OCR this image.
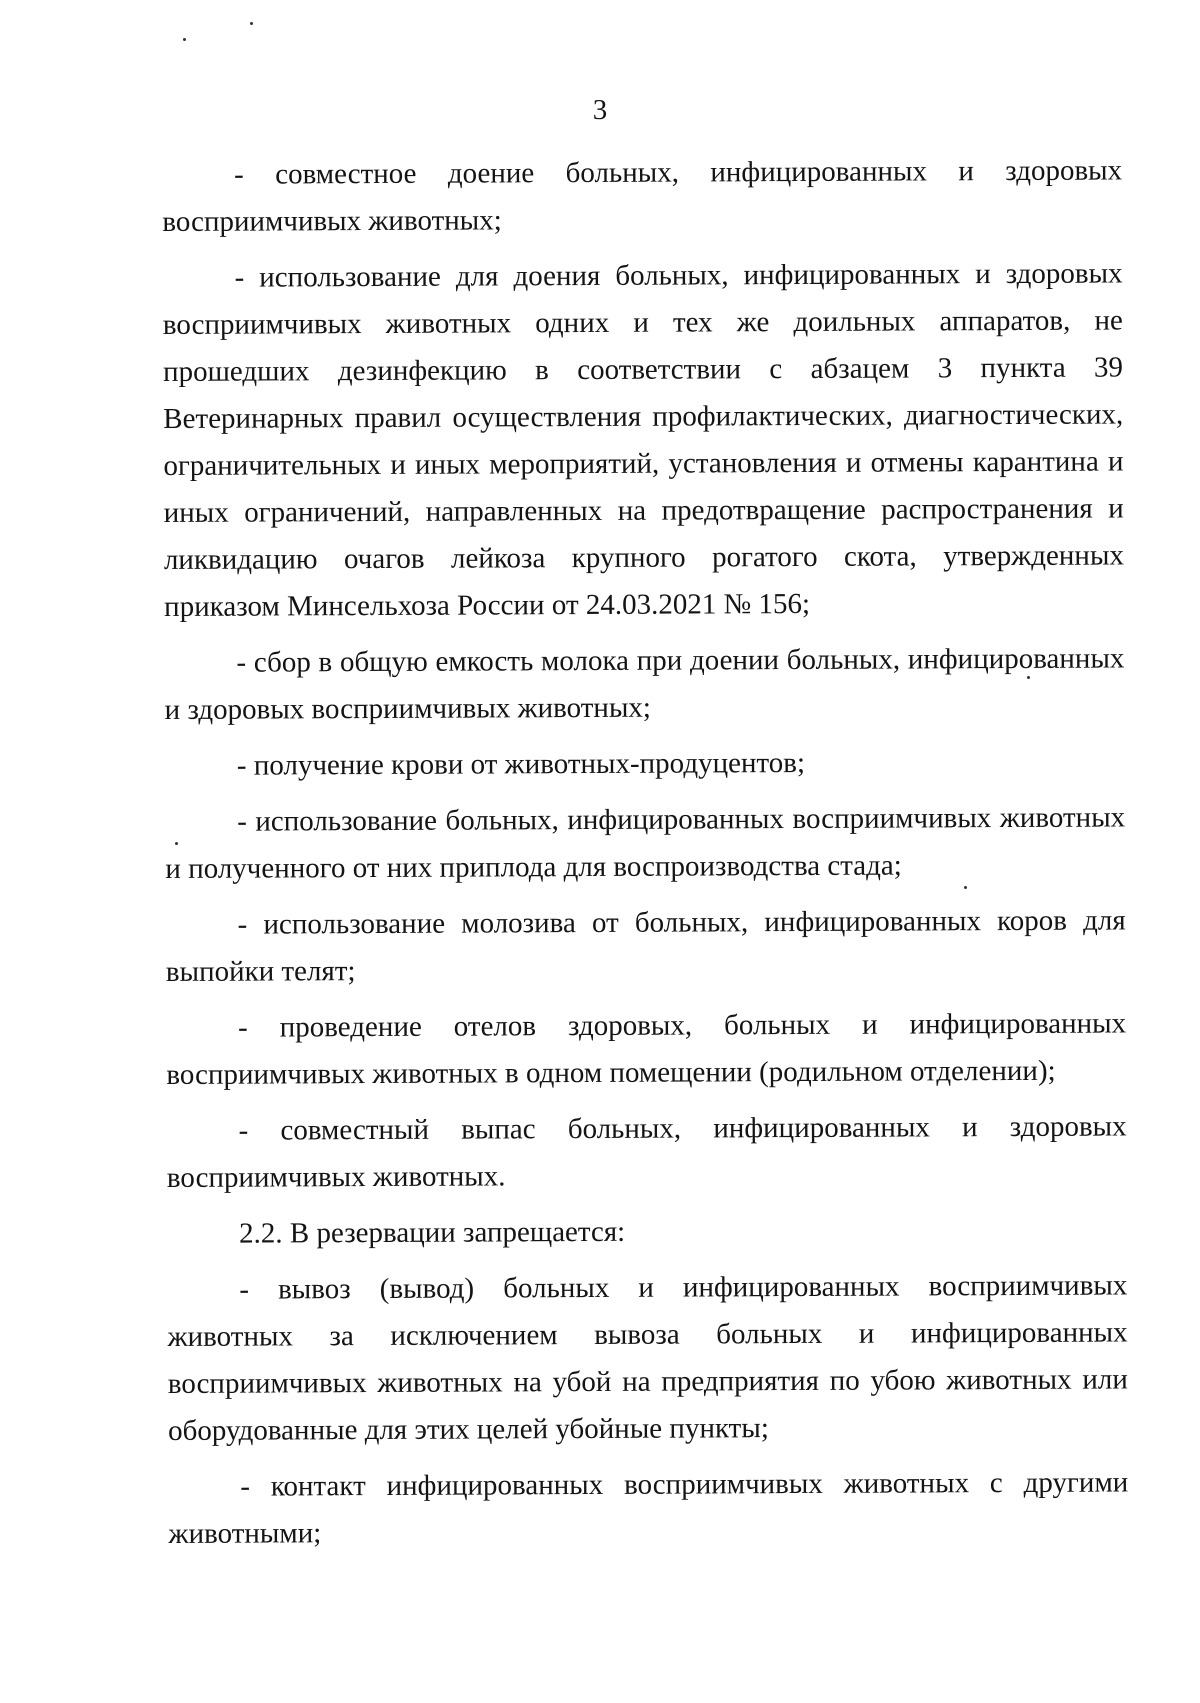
3

- совместное доение больных, инфицированных и здоровых восприимчивых животных;

- использование для доения больных, инфицированных и здоровых восприимчивых животных одних и тех же доильных аппаратов, не прошедших дезинфекцию в соответствии с абзацем 3 пункта 39 Ветеринарных правил осуществления профилактических, диагностических, ограничительных и иных мероприятий, установления и отмены карантина и иных ограничений, направленных на предотвращение распространения и ликвидацию очагов лейкоза крупного рогатого скота, утвержденных приказом Минсельхоза России от 24.03.2021 № 156;

- сбор в общую емкость молока при доении больных, инфицированных и здоровых восприимчивых животных;

- получение крови от животных-продуцентов;

- использование больных, инфицированных восприимчивых животных и полученного от них приплода для воспроизводства стада;

- использование молозива от больных, инфицированных коров для выпойки телят;

- проведение отелов здоровых, больных и инфицированных восприимчивых животных в одном помещении (родильном отделении);

- совместный выпас больных, инфицированных и здоровых восприимчивых животных.

2.2. В резервации запрещается:

- вывоз (вывод) больных и инфицированных восприимчивых животных за исключением вывоза больных и инфицированных восприимчивых животных на убой на предприятия по убою животных или оборудованные для этих целей убойные пункты;

- контакт инфицированных восприимчивых животных с другими животными;
